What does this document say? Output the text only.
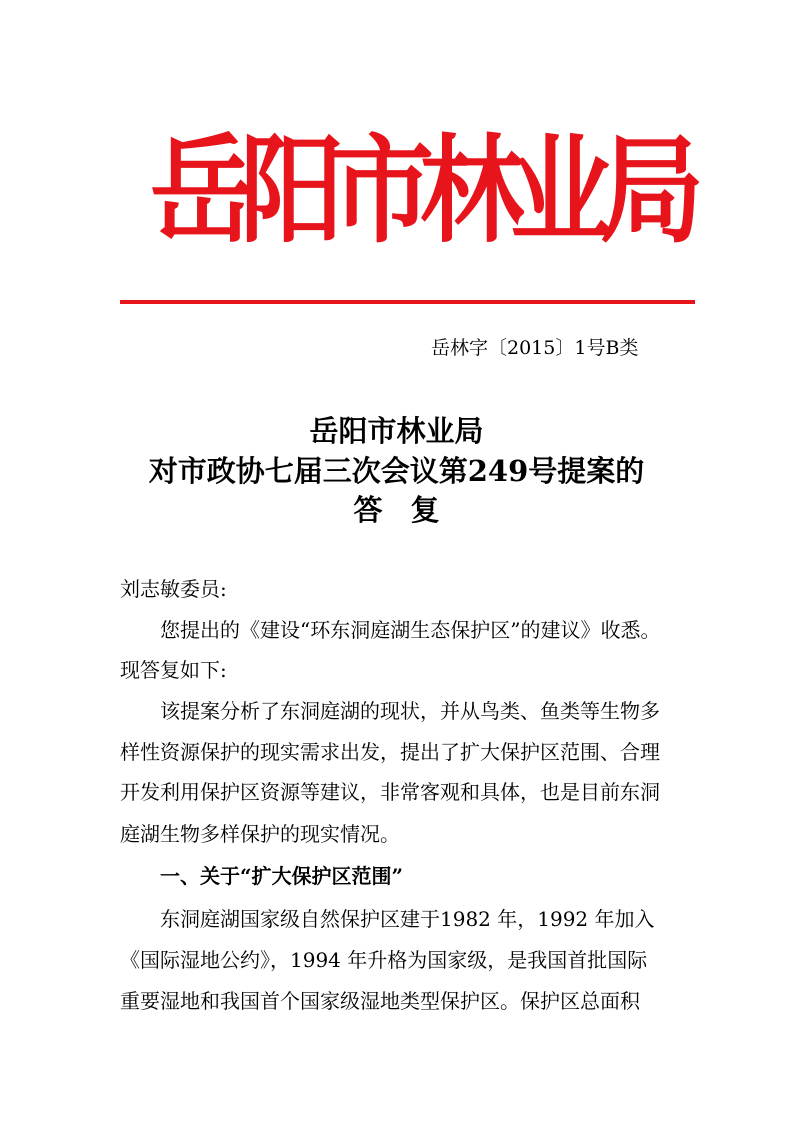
岳阳市林业局
岳林字〔2015〕1号B类
岳阳市林业局
对市政协七届三次会议第249号提案的
答复
刘志敏委员:
您提出的《建设“环东洞庭湖生态保护区”的建议》收悉。
现答复如下:
该提案分析了东洞庭湖的现状，并从鸟类、鱼类等生物多
样性资源保护的现实需求出发，提出了扩大保护区范围、合理
开发利用保护区资源等建议，非常客观和具体，也是目前东洞
庭湖生物多样保护的现实情况。
一、关于“扩大保护区范围”
东洞庭湖国家级自然保护区建于1982 年，1992 年加入
《国际湿地公约》，1994 年升格为国家级，是我国首批国际
重要湿地和我国首个国家级湿地类型保护区。保护区总面积
